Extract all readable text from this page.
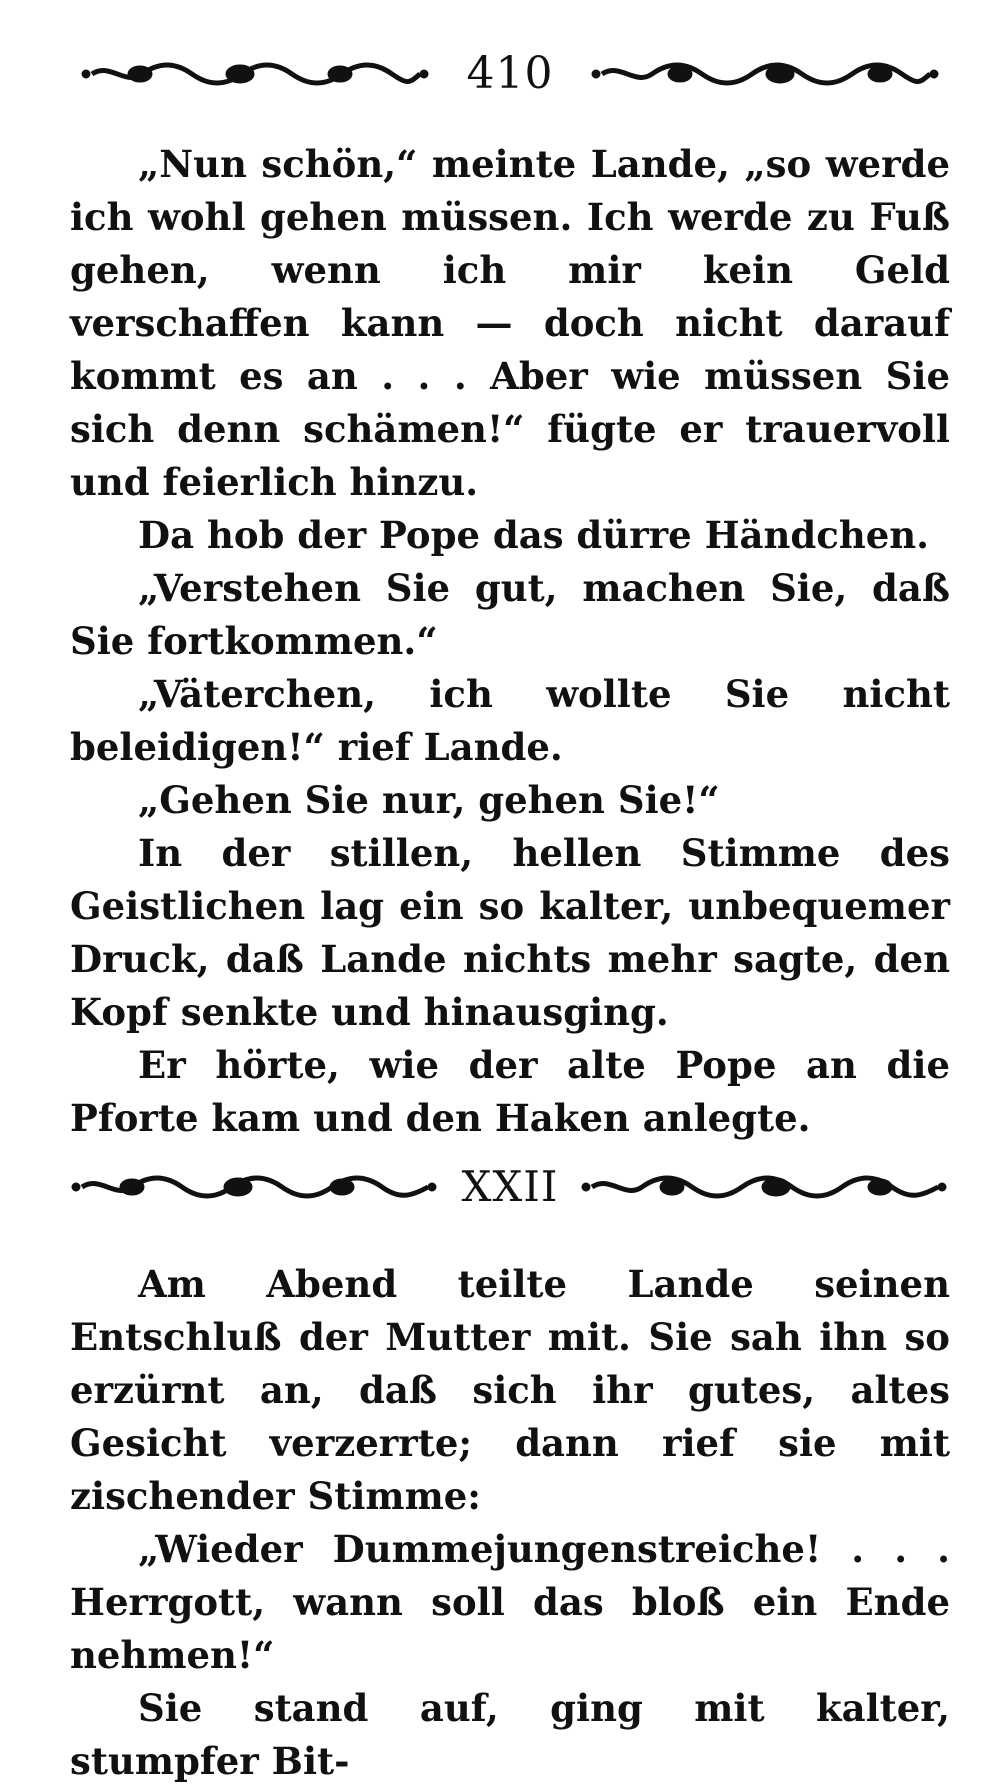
410

„Nun schön,“ meinte Lande, „so werde ich wohl gehen müssen. Ich werde zu Fuß gehen, wenn ich mir kein Geld verschaffen kann — doch nicht darauf kommt es an . . . Aber wie müssen Sie sich denn schämen!“ fügte er trauervoll und feierlich hinzu.

Da hob der Pope das dürre Händchen.

„Verstehen Sie gut, machen Sie, daß Sie fortkommen.“

„Väterchen, ich wollte Sie nicht beleidigen!“ rief Lande.

„Gehen Sie nur, gehen Sie!“

In der stillen, hellen Stimme des Geistlichen lag ein so kalter, unbequemer Druck, daß Lande nichts mehr sagte, den Kopf senkte und hinausging.

Er hörte, wie der alte Pope an die Pforte kam und den Haken anlegte.

XXII

Am Abend teilte Lande seinen Entschluß der Mutter mit. Sie sah ihn so erzürnt an, daß sich ihr gutes, altes Gesicht verzerrte; dann rief sie mit zischender Stimme:

„Wieder Dummejungenstreiche! . . . Herrgott, wann soll das bloß ein Ende nehmen!“

Sie stand auf, ging mit kalter, stumpfer Bit-
